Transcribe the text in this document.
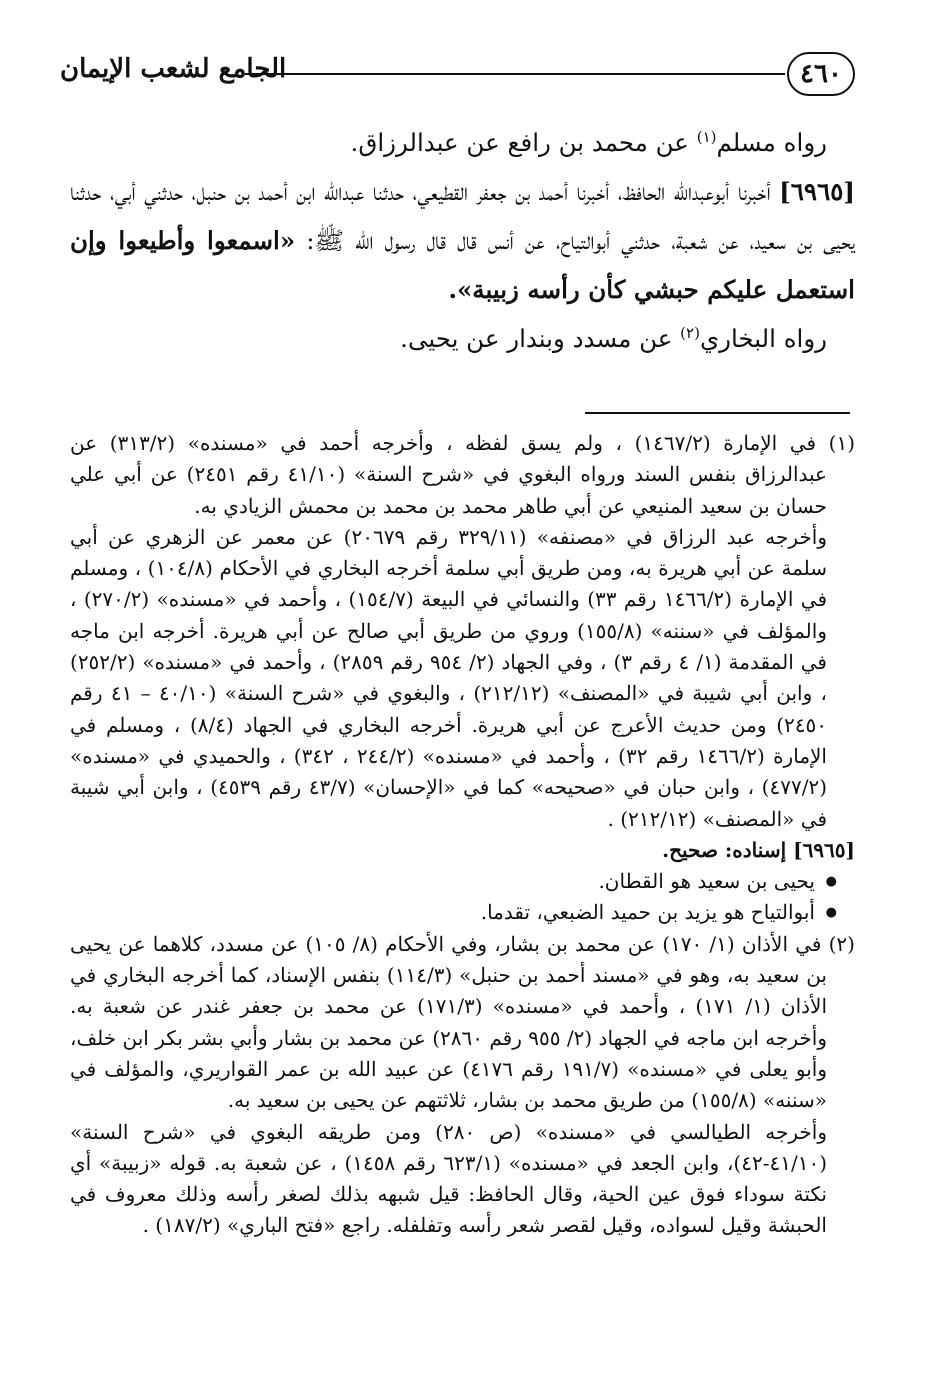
٤٦٠
الجامع لشعب الإيمان

رواه مسلم$^{(١)}$ عن محمد بن رافع عن عبدالرزاق.

[٦٩٦٥] أخبرنا أبوعبدالله الحافظ، أخبرنا أحمد بن جعفر القطيعي، حدثنا عبدالله ابن أحمد بن حنبل، حدثني أبي، حدثنا يحيى بن سعيد، عن شعبة، حدثني أبوالتياح، عن أنس قال قال رسول الله ﷺ: «اسمعوا وأطيعوا وإن استعمل عليكم حبشي كأن رأسه زبيبة».

رواه البخاري$^{(٢)}$ عن مسدد وبندار عن يحيى.

(١) في الإمارة (١٤٦٧/٢) ، ولم يسق لفظه ، وأخرجه أحمد في «مسنده» (٣١٣/٢) عن عبدالرزاق بنفس السند ورواه البغوي في «شرح السنة» (٤١/١٠ رقم ٢٤٥١) عن أبي علي حسان بن سعيد المنيعي عن أبي طاهر محمد بن محمد بن محمش الزيادي به.

وأخرجه عبد الرزاق في «مصنفه» (٣٢٩/١١ رقم ٢٠٦٧٩) عن معمر عن الزهري عن أبي سلمة عن أبي هريرة به، ومن طريق أبي سلمة أخرجه البخاري في الأحكام (١٠٤/٨) ، ومسلم في الإمارة (١٤٦٦/٢ رقم ٣٣) والنسائي في البيعة (١٥٤/٧) ، وأحمد في «مسنده» (٢٧٠/٢) ، والمؤلف في «سننه» (١٥٥/٨) وروي من طريق أبي صالح عن أبي هريرة. أخرجه ابن ماجه في المقدمة (١/ ٤ رقم ٣) ، وفي الجهاد (٢/ ٩٥٤ رقم ٢٨٥٩) ، وأحمد في «مسنده» (٢٥٢/٢) ، وابن أبي شيبة في «المصنف» (٢١٢/١٢) ، والبغوي في «شرح السنة» (٤٠/١٠ – ٤١ رقم ٢٤٥٠) ومن حديث الأعرج عن أبي هريرة. أخرجه البخاري في الجهاد (٨/٤) ، ومسلم في الإمارة (١٤٦٦/٢ رقم ٣٢) ، وأحمد في «مسنده» (٢٤٤/٢ ، ٣٤٢) ، والحميدي في «مسنده» (٤٧٧/٢) ، وابن حبان في «صحيحه» كما في «الإحسان» (٤٣/٧ رقم ٤٥٣٩) ، وابن أبي شيبة في «المصنف» (٢١٢/١٢) .

[٦٩٦٥] إسناده: صحيح.

● يحيى بن سعيد هو القطان.
● أبوالتياح هو يزيد بن حميد الضبعي، تقدما.

(٢) في الأذان (١/ ١٧٠) عن محمد بن بشار، وفي الأحكام (٨/ ١٠٥) عن مسدد، كلاهما عن يحيى بن سعيد به، وهو في «مسند أحمد بن حنبل» (١١٤/٣) بنفس الإسناد، كما أخرجه البخاري في الأذان (١/ ١٧١) ، وأحمد في «مسنده» (١٧١/٣) عن محمد بن جعفر غندر عن شعبة به. وأخرجه ابن ماجه في الجهاد (٢/ ٩٥٥ رقم ٢٨٦٠) عن محمد بن بشار وأبي بشر بكر ابن خلف، وأبو يعلى في «مسنده» (١٩١/٧ رقم ٤١٧٦) عن عبيد الله بن عمر القواريري، والمؤلف في «سننه» (١٥٥/٨) من طريق محمد بن بشار، ثلاثتهم عن يحيى بن سعيد به.

وأخرجه الطيالسي في «مسنده» (ص ٢٨٠) ومن طريقه البغوي في «شرح السنة» (٤١/١٠-٤٢)، وابن الجعد في «مسنده» (٦٢٣/١ رقم ١٤٥٨) ، عن شعبة به. قوله «زبيبة» أي نكتة سوداء فوق عين الحية، وقال الحافظ: قيل شبهه بذلك لصغر رأسه وذلك معروف في الحبشة وقيل لسواده، وقيل لقصر شعر رأسه وتفلفله. راجع «فتح الباري» (١٨٧/٢) .
